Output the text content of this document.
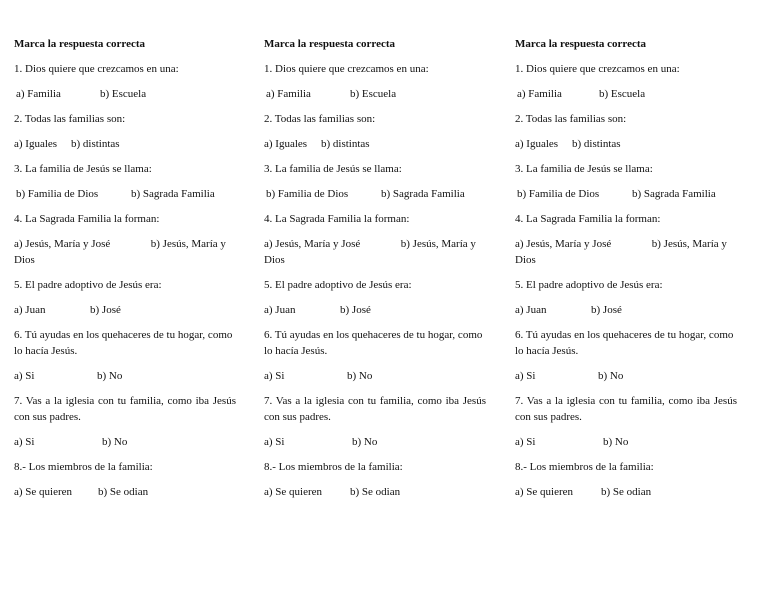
Marca la respuesta correcta
1. Dios quiere que crezcamos en una:
a) Familia	b) Escuela
2. Todas las familias son:
a) Iguales b) distintas
3. La familia de Jesús se llama:
b) Familia de Dios	b) Sagrada Familia
4. La Sagrada Familia la forman:
a) Jesús, María y José	b) Jesús, María y Dios
5. El padre adoptivo de Jesús era:
a) Juan	b) José
6. Tú ayudas en los quehaceres de tu hogar, como lo hacía Jesús.
a) Si	b) No
7. Vas a la iglesia con tu familia, como iba Jesús con sus padres.
a) Si	b) No
8.- Los miembros de la familia:
a) Se quieren b) Se odian
Marca la respuesta correcta
1. Dios quiere que crezcamos en una:
a) Familia	b) Escuela
2. Todas las familias son:
a) Iguales b) distintas
3. La familia de Jesús se llama:
b) Familia de Dios	b) Sagrada Familia
4. La Sagrada Familia la forman:
a) Jesús, María y José	b) Jesús, María y Dios
5. El padre adoptivo de Jesús era:
a) Juan	b) José
6. Tú ayudas en los quehaceres de tu hogar, como lo hacía Jesús.
a) Si	b) No
7. Vas a la iglesia con tu familia, como iba Jesús con sus padres.
a) Si	b) No
8.- Los miembros de la familia:
a) Se quieren	b) Se odian
Marca la respuesta correcta
1. Dios quiere que crezcamos en una:
a) Familia	b) Escuela
2. Todas las familias son:
a) Iguales b) distintas
3. La familia de Jesús se llama:
b) Familia de Dios	b) Sagrada Familia
4. La Sagrada Familia la forman:
a) Jesús, María y José	b) Jesús, María y Dios
5. El padre adoptivo de Jesús era:
a) Juan	b) José
6. Tú ayudas en los quehaceres de tu hogar, como lo hacía Jesús.
a) Si	b) No
7. Vas a la iglesia con tu familia, como iba Jesús con sus padres.
a) Si	b) No
8.- Los miembros de la familia:
a) Se quieren	b) Se odian
